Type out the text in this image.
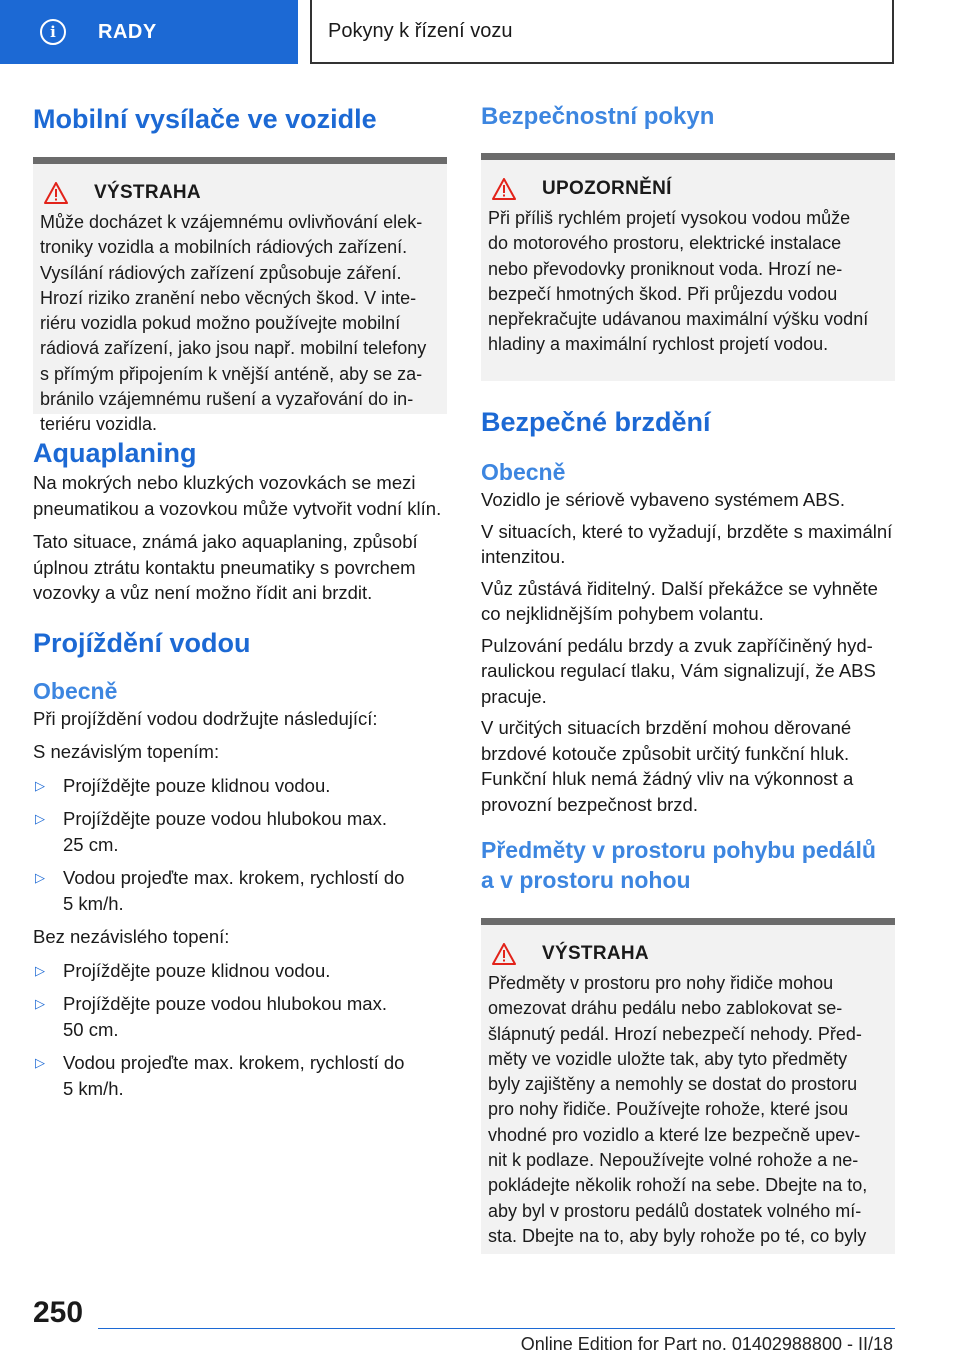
i	RADY	Pokyny k řízení vozu
Mobilní vysílače ve vozidle
VÝSTRAHA

Může docházet k vzájemnému ovlivňování elek-

troniky vozidla a mobilních rádiových zařízení.

Vysílání rádiových zařízení způsobuje záření.

Hrozí riziko zranění nebo věcných škod. V inte-

riéru vozidla pokud možno používejte mobilní

rádiová zařízení, jako jsou např. mobilní telefony

s přímým připojením k vnější anténě, aby se za-

bránilo vzájemnému rušení a vyzařování do in-

teriéru vozidla.

Aquaplaning

Na mokrých nebo kluzkých vozovkách se mezi

pneumatikou a vozovkou může vytvořit vodní klín.

Tato situace, známá jako aquaplaning, způsobí

úplnou ztrátu kontaktu pneumatiky s povrchem

vozovky a vůz není možno řídit ani brzdit.

Projíždění vodou
Obecně

Při projíždění vodou dodržujte následující:

S nezávislým topením:

▷ Projíždějte pouze klidnou vodou.
▷ Projíždějte pouze vodou hlubokou max.
25 cm.
▷ Vodou projeďte max. krokem, rychlostí do
5 km/h.

Bez nezávislého topení:

▷ Projíždějte pouze klidnou vodou.
▷ Projíždějte pouze vodou hlubokou max.
50 cm.
▷ Vodou projeďte max. krokem, rychlostí do
5 km/h.
Bezpečnostní pokyn
UPOZORNĚNÍ

Při příliš rychlém projetí vysokou vodou může

do motorového prostoru, elektrické instalace

nebo převodovky proniknout voda. Hrozí ne-

bezpečí hmotných škod. Při průjezdu vodou

nepřekračujte udávanou maximální výšku vodní

hladiny a maximální rychlost projetí vodou.

Bezpečné brzdění
Obecně

Vozidlo je sériově vybaveno systémem ABS.

V situacích, které to vyžadují, brzděte s maximální

intenzitou.

Vůz zůstává řiditelný. Další překážce se vyhněte

co nejklidnějším pohybem volantu.

Pulzování pedálu brzdy a zvuk zapříčiněný hyd-

raulickou regulací tlaku, Vám signalizují, že ABS

pracuje.

V určitých situacích brzdění mohou děrované

brzdové kotouče způsobit určitý funkční hluk.

Funkční hluk nemá žádný vliv na výkonnost a

provozní bezpečnost brzd.

Předměty v prostoru pohybu pedálů
a v prostoru nohou
VÝSTRAHA

Předměty v prostoru pro nohy řidiče mohou

omezovat dráhu pedálu nebo zablokovat se-

šlápnutý pedál. Hrozí nebezpečí nehody. Před-

měty ve vozidle uložte tak, aby tyto předměty

byly zajištěny a nemohly se dostat do prostoru

pro nohy řidiče. Používejte rohože, které jsou

vhodné pro vozidlo a které lze bezpečně upev-

nit k podlaze. Nepoužívejte volné rohože a ne-

pokládejte několik rohoží na sebe. Dbejte na to,

aby byl v prostoru pedálů dostatek volného mí-

sta. Dbejte na to, aby byly rohože po té, co byly

250
Online Edition for Part no. 01402988800 - II/18
